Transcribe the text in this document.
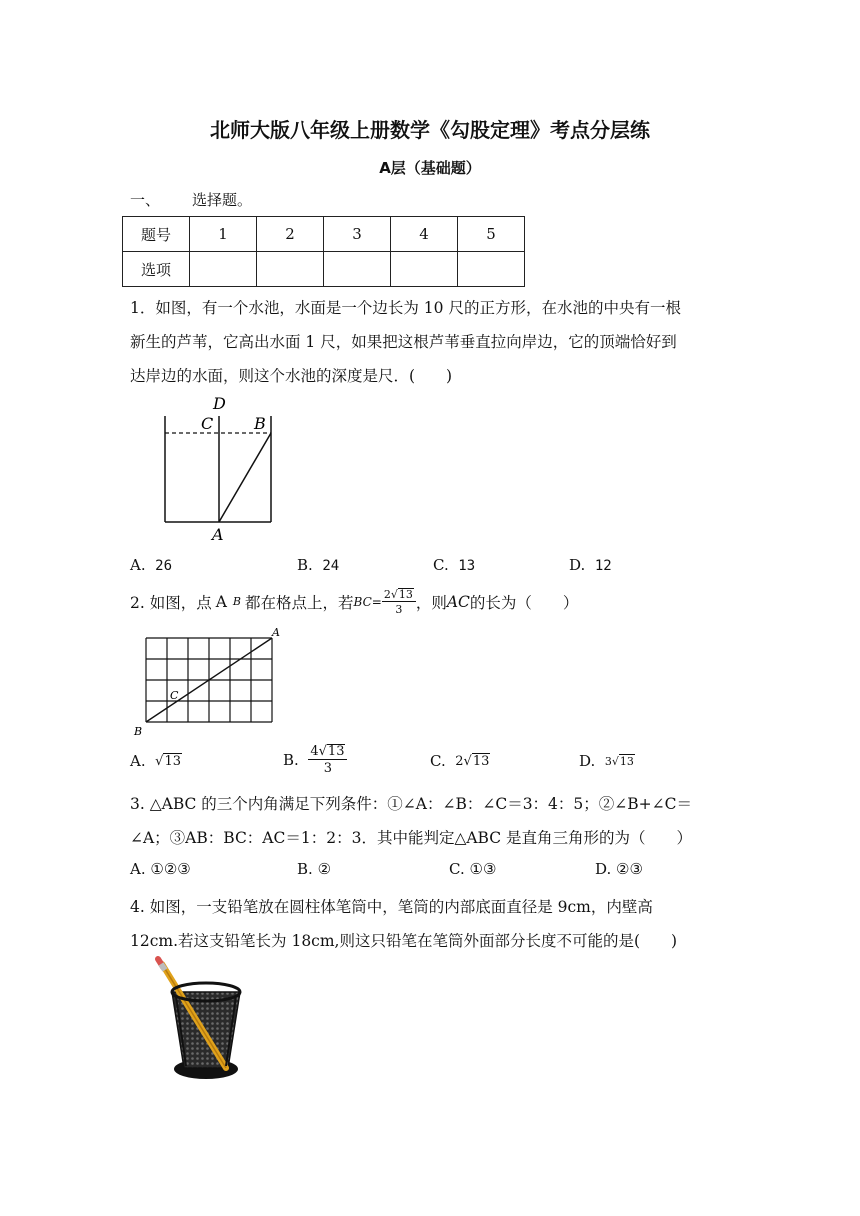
北师大版八年级上册数学《勾股定理》考点分层练
A层（基础题）
一、 选择题。
题号	1	2	3	4	5
选项					
1．如图，有一个水池，水面是一个边长为 10 尺的正方形，在水池的中央有一根
新生的芦苇，它高出水面 1 尺，如果把这根芦苇垂直拉向岸边，它的顶端恰好到
达岸边的水面，则这个水池的深度是尺．(　　)
D
C	B
A
A. 26	B. 24	C. 13	D. 12
2. 如图，点 A B 都在格点上，若 $BC= \frac{2√ 13}{3}$ ，则 AC 的长为（　　）
A
B
C
A.
√ 13	B.
$\frac{4√ 13}{3}$	C.
2 √ 13	D.
3 √ 13
3. △ABC 的三个内角满足下列条件：①∠A：∠B：∠C＝3：4：5；②∠B+∠C＝
∠A；③AB：BC：AC＝1：2：3．其中能判定△ABC 是直角三角形的为（　　）
A. ①②③	B. ②	C. ①③	D. ②③
4. 如图，一支铅笔放在圆柱体笔筒中，笔筒的内部底面直径是 9cm，内壁高
12cm.若这支铅笔长为 18cm,则这只铅笔在笔筒外面部分长度不可能的是(　　)
